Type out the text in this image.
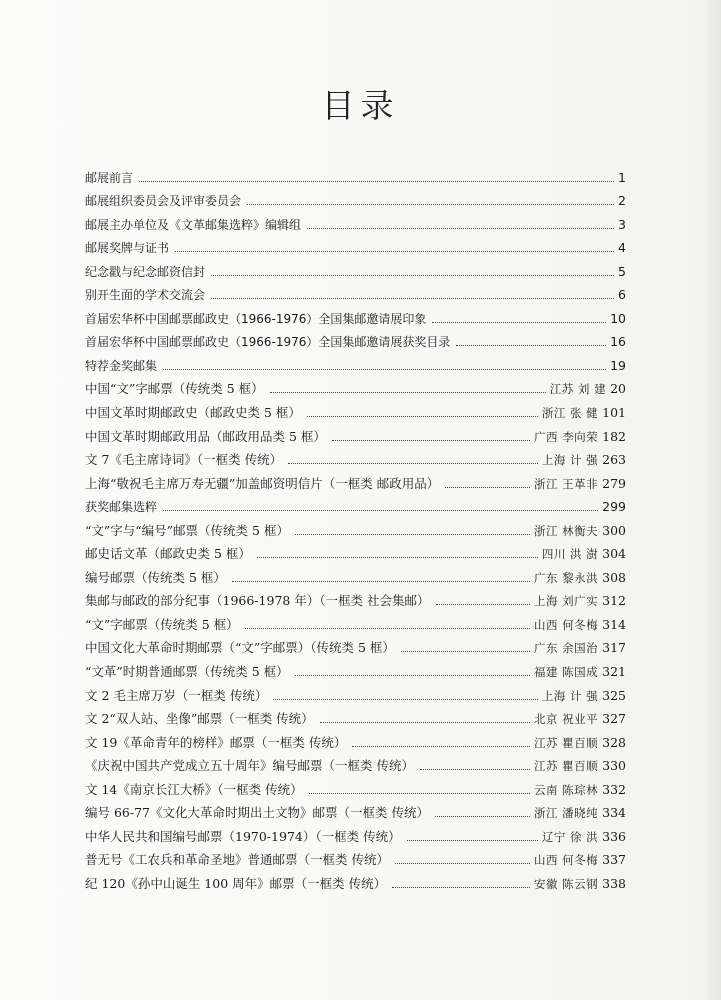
目录
邮展前言	1
邮展组织委员会及评审委员会	2
邮展主办单位及《文革邮集选粹》编辑组	3
邮展奖牌与证书	4
纪念戳与纪念邮资信封	5
别开生面的学术交流会	6
首届宏华杯中国邮票邮政史（1966-1976）全国集邮邀请展印象	10
首届宏华杯中国邮票邮政史（1966-1976）全国集邮邀请展获奖目录	16
特荐金奖邮集	19
中国“文”字邮票（传统类 5 框）	江苏 刘 建 20
中国文革时期邮政史（邮政史类 5 框）	浙江 张 健 101
中国文革时期邮政用品（邮政用品类 5 框）	广西 李向荣 182
文 7《毛主席诗词》（一框类 传统）	上海 计 强 263
上海“敬祝毛主席万寿无疆”加盖邮资明信片（一框类 邮政用品）	浙江 王革非 279
获奖邮集选粹	299
“文”字与“编号”邮票（传统类 5 框）	浙江 林衡夫 300
邮史话文革（邮政史类 5 框）	四川 洪 澍 304
编号邮票（传统类 5 框）	广东 黎永洪 308
集邮与邮政的部分纪事（1966-1978 年）（一框类 社会集邮）	上海 刘广实 312
“文”字邮票（传统类 5 框）	山西 何冬梅 314
中国文化大革命时期邮票（“文”字邮票）（传统类 5 框）	广东 余国治 317
“文革”时期普通邮票（传统类 5 框）	福建 陈国成 321
文 2 毛主席万岁（一框类 传统）	上海 计 强 325
文 2“双人站、坐像”邮票（一框类 传统）	北京 祝业平 327
文 19《革命青年的榜样》邮票（一框类 传统）	江苏 瞿百顺 328
《庆祝中国共产党成立五十周年》编号邮票（一框类 传统）	江苏 瞿百顺 330
文 14《南京长江大桥》（一框类 传统）	云南 陈琮林 332
编号 66-77《文化大革命时期出土文物》邮票（一框类 传统）	浙江 潘晓纯 334
中华人民共和国编号邮票（1970-1974）（一框类 传统）	辽宁 徐 洪 336
普无号《工农兵和革命圣地》普通邮票（一框类 传统）	山西 何冬梅 337
纪 120《孙中山诞生 100 周年》邮票（一框类 传统）	安徽 陈云钢 338
